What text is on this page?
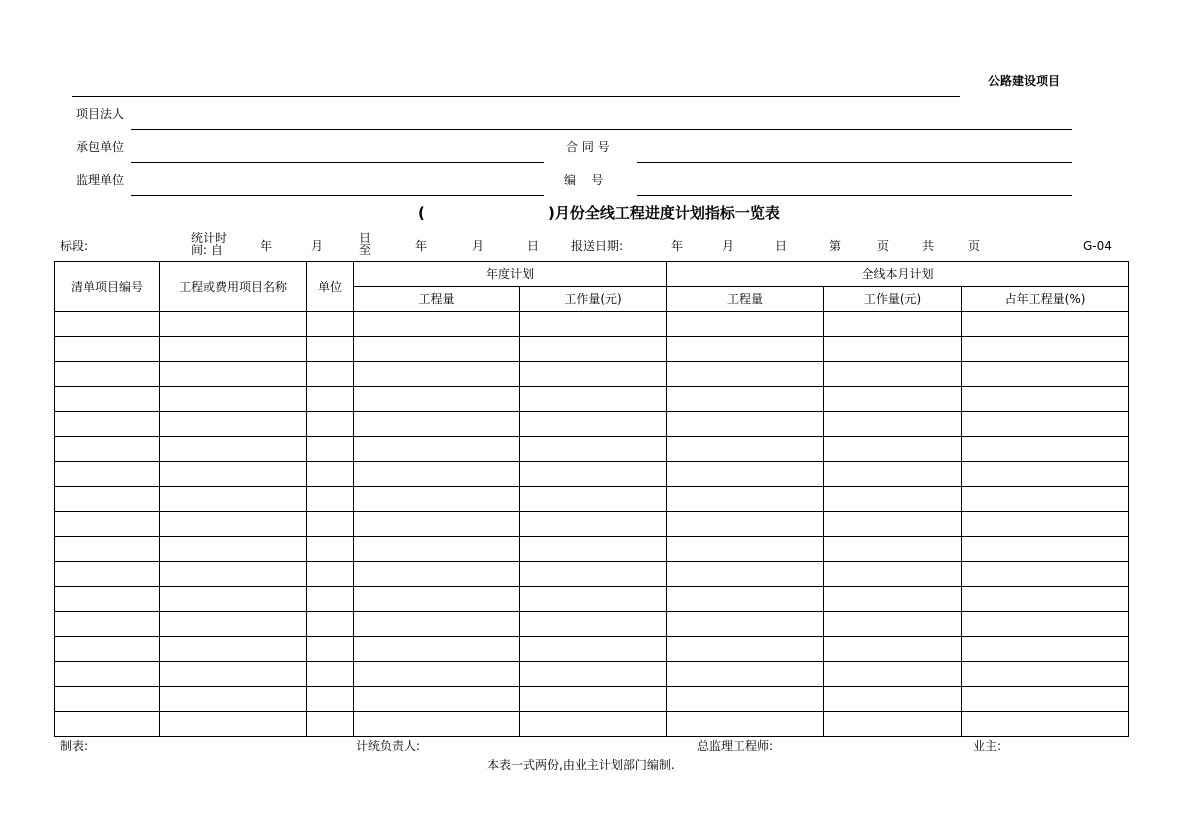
公路建设项目
项目法人
承包单位	合 同 号
监理单位	编    号
(	)月份全线工程进度计划指标一览表
标段:
统计时
间: 自	年	月
日
至	年	月	日	报送日期:	年	月	日	第	页	共	页	G-04
清单项目编号	工程或费用项目名称	单位	年度计划		全线本月计划		
			工程量	工作量(元)	工程量	工作量(元)	占年工程量(%)

制表:	计统负责人:	总监理工程师:	业主:
本表一式两份,由业主计划部门编制.
